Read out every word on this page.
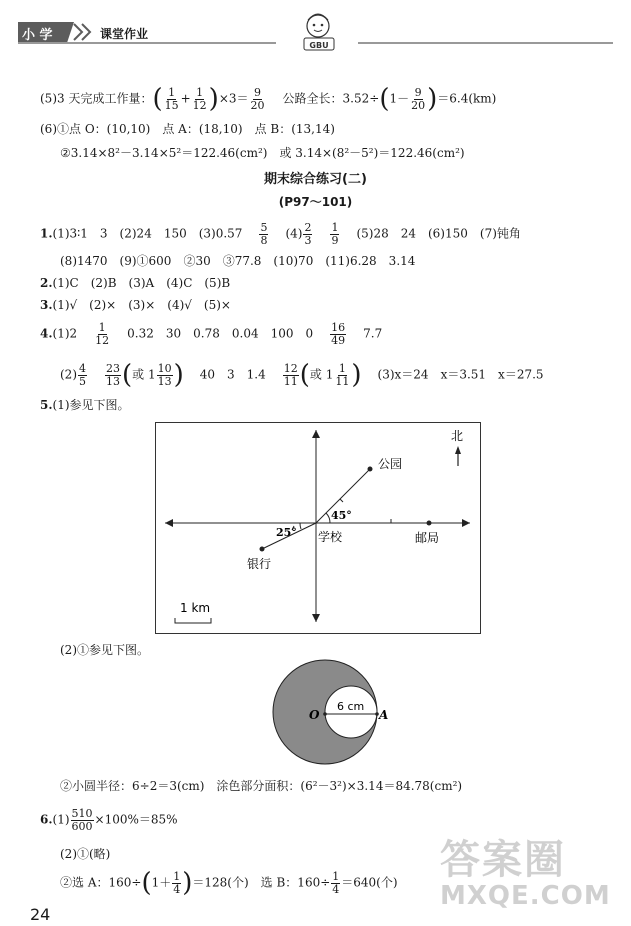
小 学	课堂作业
GBU
(5)3 天完成工作量：( $\frac{1}{15} + \frac{1}{12} )\times 3= \frac{9}{20}$ 公路全长：$3.52\div(1- \frac{9}{20} )=6.4(km)$
(6)①点 O：(10,10)　点 A：(18,10)　点 B：(13,14)
②3.14×8²－3.14×5²＝122.46(cm²)　或 3.14×(8²－5²)＝122.46(cm²)
期末综合练习(二)
(P97～101)
1.(1)3∶1　3　(2)24　150　$(3)0.57 \frac{5}{8} (4) \frac{2}{3} \frac{1}{9} (5)28$　24　(6)150　(7)钝角
(8)1470　(9)①600　②30　③77.8　(10)70　(11)6.28　3.14
2.(1)C　(2)B　(3)A　(4)C　(5)B
3.(1)√　(2)×　(3)×　(4)√　(5)×
$4.(1)2 \frac{1}{12} 0.32$　30　0.78　0.04　100　$0 \frac{16}{49} 7.7$
$(2) \frac{4}{5} \frac{23}{13}$ (或 $1 \frac{10}{13}$ ) 40　3　$1.4 \frac{12}{11}$ (或 $1 \frac{1}{11}$ ) (3)x＝24　x＝3.51　x＝27.5
5.(1)参见下图。
北
公园
45°
25° 学校	邮局
银行
1 km
(2)①参见下图。
6 cm
O	A
②小圆半径：6÷2＝3(cm)　涂色部分面积：(6²－3²)×3.14＝84.78(cm²)
$6.(1) \frac{510}{600} \times 100\%=85\%$
(2)①(略)
②选 A：$160\div(1+ \frac{1}{4} )=128$(个)　选 B：$160\div \frac{1}{4} =640$(个)
24
答案圈
MXQE.COM
